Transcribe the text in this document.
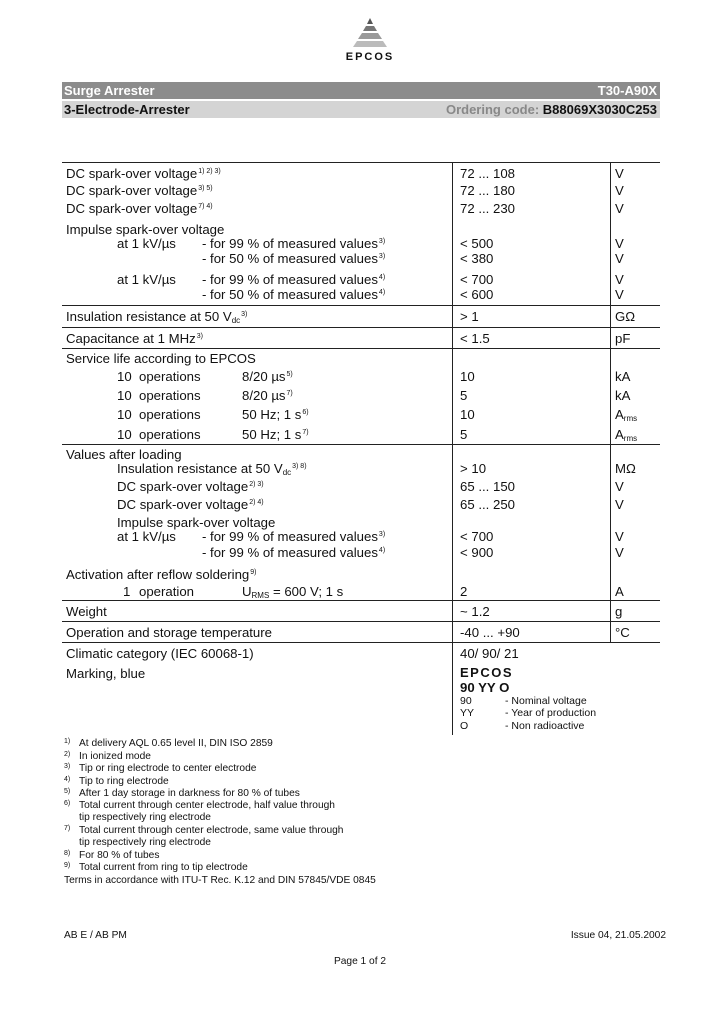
EPCOS
Surge Arrester	T30-A90X
3-Electrode-Arrester	Ordering code: B88069X3030C253
DC spark-over voltage$^{1) 2) 3)}$	72 ... 108	V
DC spark-over voltage$^{3) 5)}$	72 ... 180	V
DC spark-over voltage$^{7) 4)}$	72 ... 230	V
Impulse spark-over voltage
at 1 kV/µs - for 99 % of measured values$^{3)}$	< 500	V
- for 50 % of measured values$^{3)}$	< 380	V
at 1 kV/µs - for 99 % of measured values$^{4)}$	< 700	V
- for 50 % of measured values$^{4)}$	< 600	V
Insulation resistance at 50 $V_{dc}^{3)}$	> 1	GΩ
Capacitance at 1 MHz$^{3)}$	< 1.5	pF
Service life according to EPCOS
10 operations	8/20 µs$^{5)}$	10	kA
10 operations	8/20 µs$^{7)}$	5	kA
10 operations	50 Hz; 1 $s^{6)}$	10	$A_{rms}$
10 operations	50 Hz; 1 $s^{7)}$	5	$A_{rms}$
Values after loading
Insulation resistance at 50 $V_{dc}^{3) 8)}$	> 10	MΩ
DC spark-over voltage$^{2) 3)}$	65 ... 150	V
DC spark-over voltage$^{2) 4)}$	65 ... 250	V
Impulse spark-over voltage
at 1 kV/µs - for 99 % of measured values$^{3)}$	< 700	V
- for 99 % of measured values$^{4)}$	< 900	V
Activation after reflow soldering$^{9)}$
1 operation	$U_{RMS} = 600$ V; 1 s	2	A
Weight	~ 1.2	g
Operation and storage temperature	-40 ... +90	°C
Climatic category (IEC 60068-1)	40/ 90/ 21
Marking, blue	EPCOS
90 YY O
90	- Nominal voltage
YY	- Year of production
O	- Non radioactive
1) At delivery AQL 0.65 level II, DIN ISO 2859
2) In ionized mode
3) Tip or ring electrode to center electrode
4) Tip to ring electrode
5) After 1 day storage in darkness for 80 % of tubes
6) Total current through center electrode, half value through
tip respectively ring electrode
7) Total current through center electrode, same value through
tip respectively ring electrode
8) For 80 % of tubes
9) Total current from ring to tip electrode
Terms in accordance with ITU-T Rec. K.12 and DIN 57845/VDE 0845
AB E / AB PM	Issue 04, 21.05.2002
Page 1 of 2
